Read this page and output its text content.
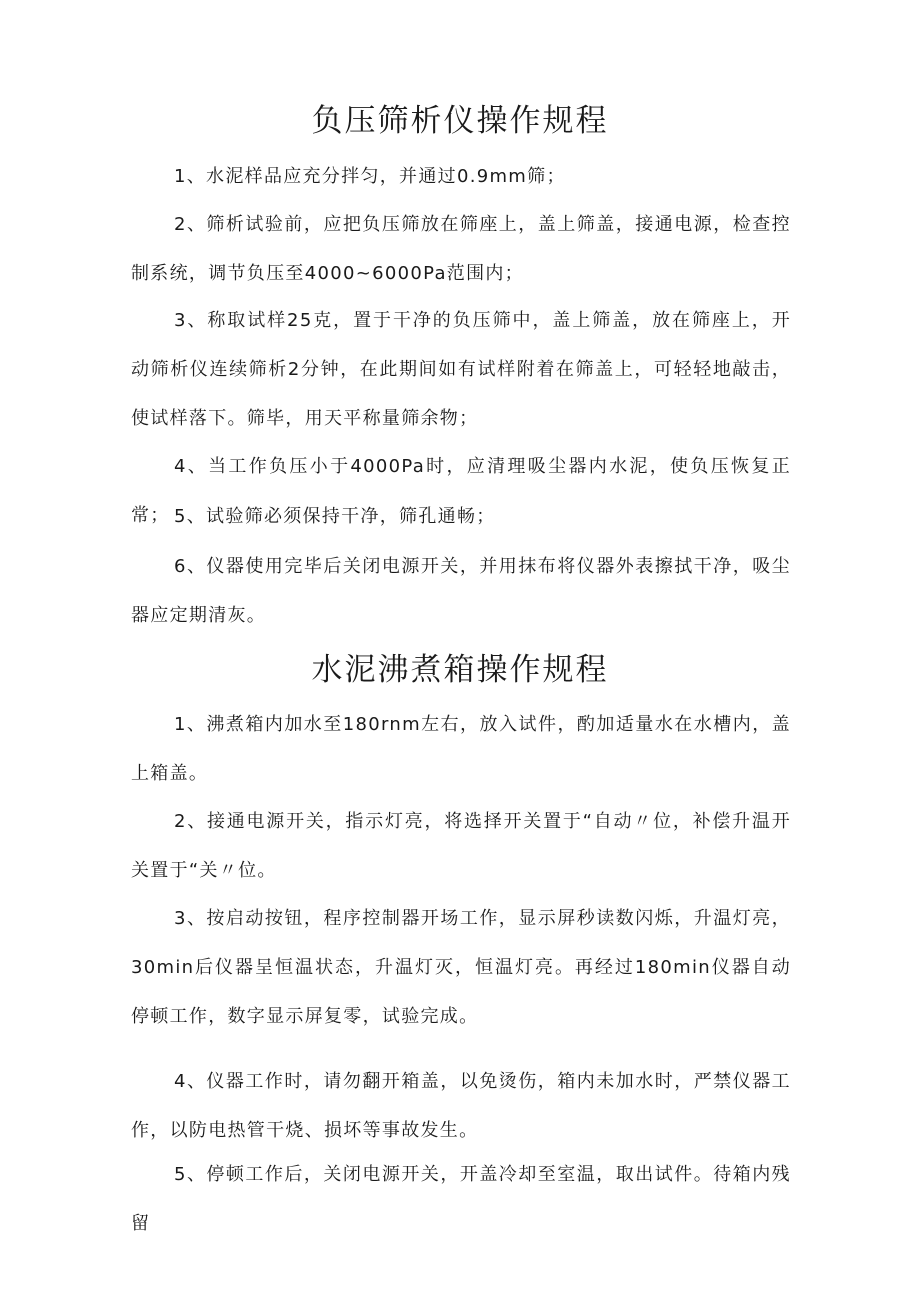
负压筛析仪操作规程

1、水泥样品应充分拌匀，并通过0.9mm筛；

2、筛析试验前，应把负压筛放在筛座上，盖上筛盖，接通电源，检查控制系统，调节负压至4000~6000Pa范围内；

3、称取试样25克，置于干净的负压筛中，盖上筛盖，放在筛座上，开动筛析仪连续筛析2分钟，在此期间如有试样附着在筛盖上，可轻轻地敲击，使试样落下。筛毕，用天平称量筛余物；

4、当工作负压小于4000Pa时，应清理吸尘器内水泥，使负压恢复正常； 5、试验筛必须保持干净，筛孔通畅；

6、仪器使用完毕后关闭电源开关，并用抹布将仪器外表擦拭干净，吸尘器应定期清灰。

水泥沸煮箱操作规程

1、沸煮箱内加水至180rnm左右，放入试件，酌加适量水在水槽内，盖上箱盖。

2、接通电源开关，指示灯亮，将选择开关置于“自动〃位，补偿升温开关置于“关〃位。

3、按启动按钮，程序控制器开场工作，显示屏秒读数闪烁，升温灯亮，30min后仪器呈恒温状态，升温灯灭，恒温灯亮。再经过180min仪器自动停顿工作，数字显示屏复零，试验完成。

4、仪器工作时，请勿翻开箱盖，以免烫伤，箱内未加水时，严禁仪器工作，以防电热管干烧、损坏等事故发生。

5、停顿工作后，关闭电源开关，开盖冷却至室温，取出试件。待箱内残留
